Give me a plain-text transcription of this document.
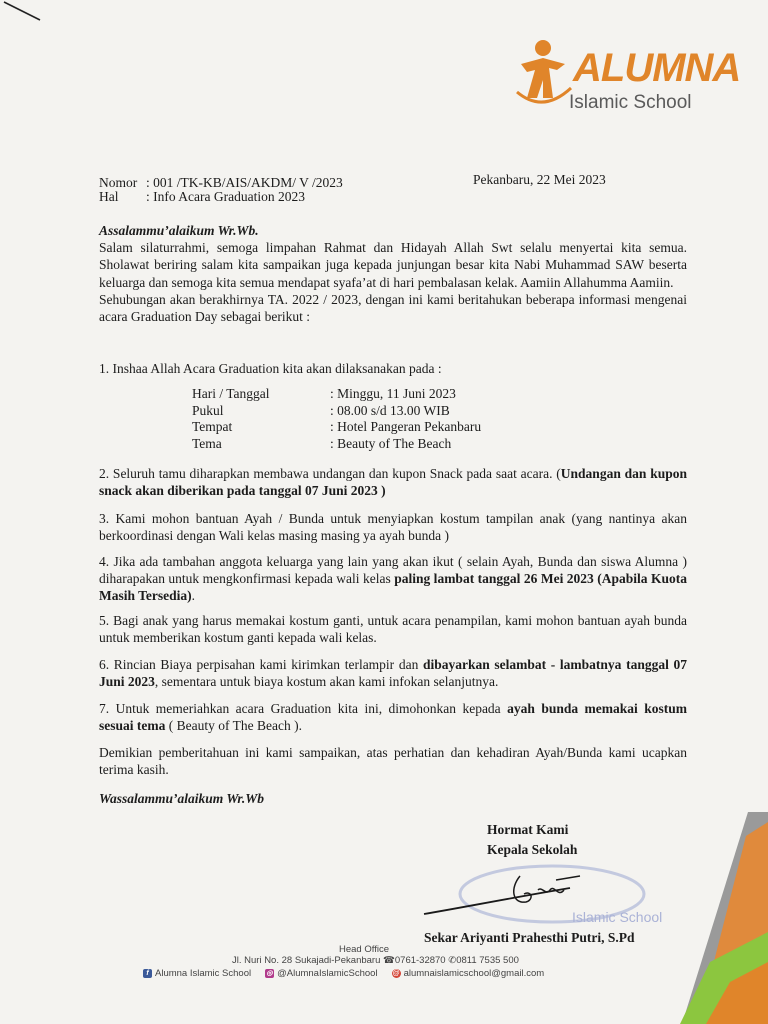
ALUMNA
Islamic School
Nomor : 001 /TK-KB/AIS/AKDM/ V /2023
Hal : Info Acara Graduation 2023
Pekanbaru, 22 Mei 2023

Assalammu’alaikum Wr.Wb.

Salam silaturrahmi, semoga limpahan Rahmat dan Hidayah Allah Swt selalu menyertai kita semua. Sholawat beriring salam kita sampaikan juga kepada junjungan besar kita Nabi Muhammad SAW beserta keluarga dan semoga kita semua mendapat syafa’at di hari pembalasan kelak. Aamiin Allahumma Aamiin.

Sehubungan akan berakhirnya TA. 2022 / 2023, dengan ini kami beritahukan beberapa informasi mengenai acara Graduation Day sebagai berikut :

1. Inshaa Allah Acara Graduation kita akan dilaksanakan pada :
Hari / Tanggal	: Minggu, 11 Juni 2023
Pukul	: 08.00 s/d 13.00 WIB
Tempat	: Hotel Pangeran Pekanbaru
Tema	: Beauty of The Beach
2. Seluruh tamu diharapkan membawa undangan dan kupon Snack pada saat acara. (Undangan dan kupon snack akan diberikan pada tanggal 07 Juni 2023 )
3. Kami mohon bantuan Ayah / Bunda untuk menyiapkan kostum tampilan anak (yang nantinya akan berkoordinasi dengan Wali kelas masing masing ya ayah bunda )
4. Jika ada tambahan anggota keluarga yang lain yang akan ikut ( selain Ayah, Bunda dan siswa Alumna ) diharapakan untuk mengkonfirmasi kepada wali kelas paling lambat tanggal 26 Mei 2023 (Apabila Kuota Masih Tersedia).
5. Bagi anak yang harus memakai kostum ganti, untuk acara penampilan, kami mohon bantuan ayah bunda untuk memberikan kostum ganti kepada wali kelas.
6. Rincian Biaya perpisahan kami kirimkan terlampir dan dibayarkan selambat - lambatnya tanggal 07 Juni 2023, sementara untuk biaya kostum akan kami infokan selanjutnya.
7. Untuk memeriahkan acara Graduation kita ini, dimohonkan kepada ayah bunda memakai kostum sesuai tema ( Beauty of The Beach ).
Demikian pemberitahuan ini kami sampaikan, atas perhatian dan kehadiran Ayah/Bunda kami ucapkan terima kasih.
Wassalammu’alaikum Wr.Wb
Hormat Kami
Kepala Sekolah
Islamic School
Sekar Ariyanti Prahesthi Putri, S.Pd
Head Office
Jl. Nuri No. 28 Sukajadi-Pekanbaru ☎0761-32870 ✆0811 7535 500
f Alumna Islamic School ◎ @AlumnaIslamicSchool @ alumnaislamicschool@gmail.com
